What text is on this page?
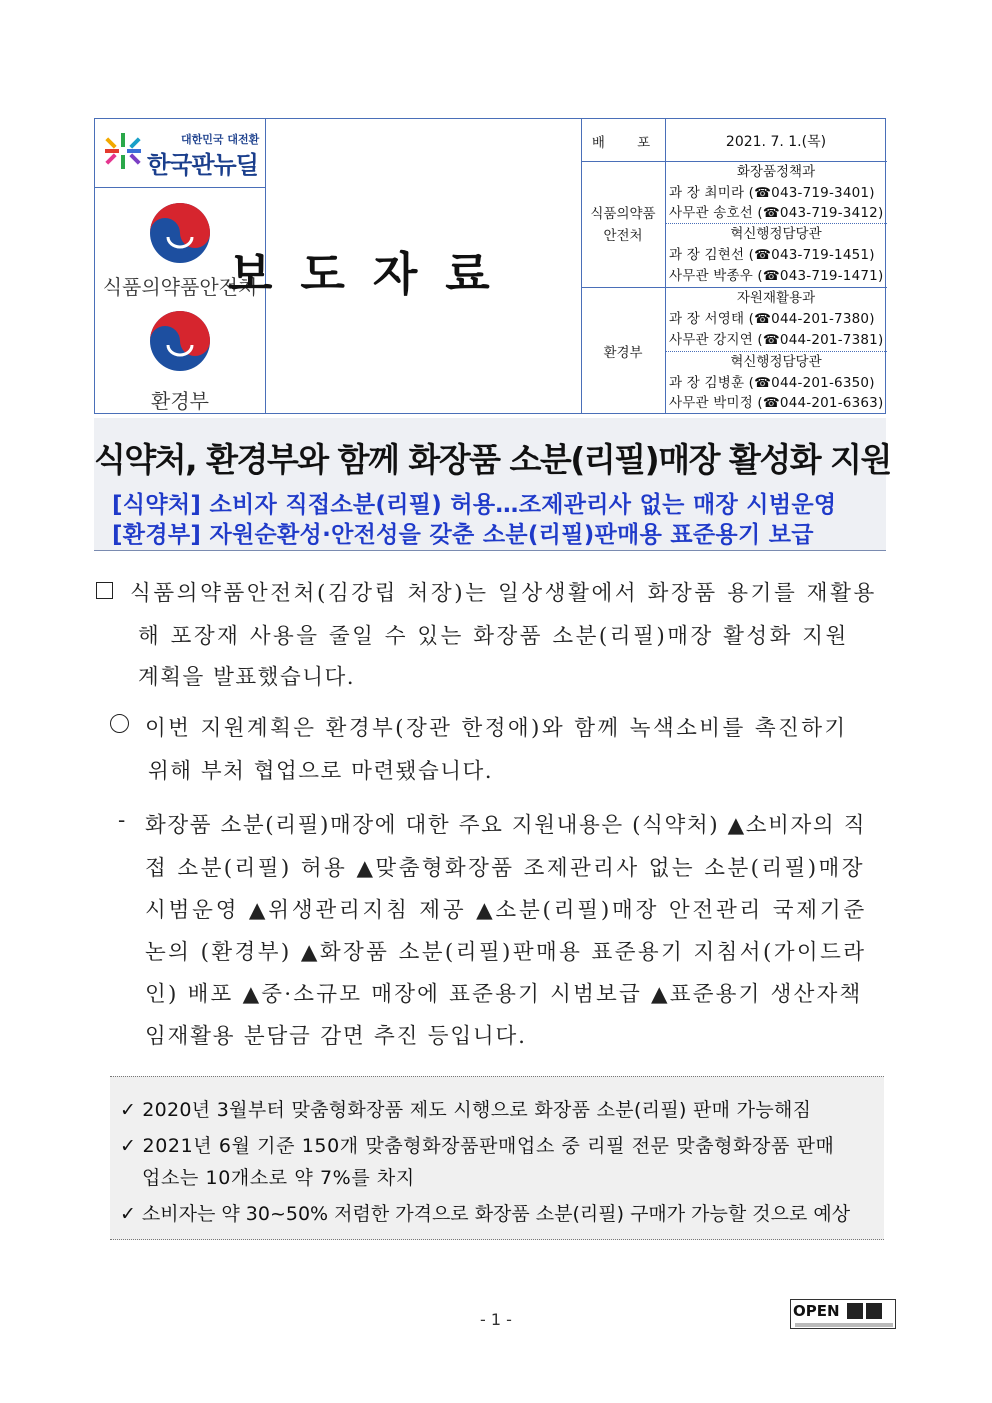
대한민국 대전환
한국판뉴딜
식품의약품안전처
환경부
배 포	2021. 7. 1.(목)
식품의약품
안전처
환경부
화장품정책과
과 장 최미라 (☎043-719-3401)
사무관 송호선 (☎043-719-3412)
혁신행정담당관
과 장 김현선 (☎043-719-1451)
사무관 박종우 (☎043-719-1471)
자원재활용과
과 장 서영태 (☎044-201-7380)
사무관 강지연 (☎044-201-7381)
혁신행정담당관
과 장 김병훈 (☎044-201-6350)
사무관 박미정 (☎044-201-6363)
보도자료
식약처, 환경부와 함께 화장품 소분(리필)매장 활성화 지원
[식약처] 소비자 직접소분(리필) 허용…조제관리사 없는 매장 시범운영
[환경부] 자원순환성·안전성을 갖춘 소분(리필)판매용 표준용기 보급
식품의약품안전처(김강립 처장)는 일상생활에서 화장품 용기를 재활용
해 포장재 사용을 줄일 수 있는 화장품 소분(리필)매장 활성화 지원
계획을 발표했습니다.
이번 지원계획은 환경부(장관 한정애)와 함께 녹색소비를 촉진하기
위해 부처 협업으로 마련됐습니다.
- 화장품 소분(리필)매장에 대한 주요 지원내용은 (식약처) ▲소비자의 직
접 소분(리필) 허용 ▲맞춤형화장품 조제관리사 없는 소분(리필)매장
시범운영 ▲위생관리지침 제공 ▲소분(리필)매장 안전관리 국제기준
논의 (환경부) ▲화장품 소분(리필)판매용 표준용기 지침서(가이드라
인) 배포 ▲중·소규모 매장에 표준용기 시범보급 ▲표준용기 생산자책
임재활용 분담금 감면 추진 등입니다.
✓ 2020년 3월부터 맞춤형화장품 제도 시행으로 화장품 소분(리필) 판매 가능해짐
✓ 2021년 6월 기준 150개 맞춤형화장품판매업소 중 리필 전문 맞춤형화장품 판매
업소는 10개소로 약 7%를 차지
✓ 소비자는 약 30~50% 저렴한 가격으로 화장품 소분(리필) 구매가 가능할 것으로 예상
- 1 -	OPEN
